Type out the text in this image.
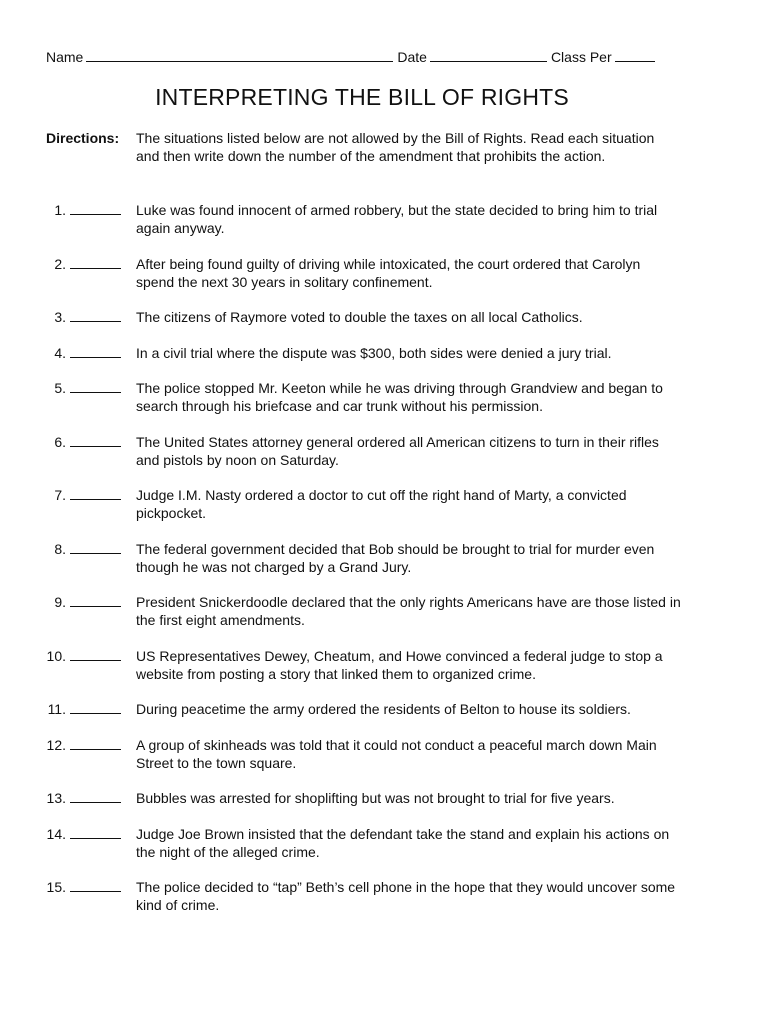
Name	Date	Class Per
INTERPRETING THE BILL OF RIGHTS
Directions: The situations listed below are not allowed by the Bill of Rights. Read each situation and then write down the number of the amendment that prohibits the action.
1.	Luke was found innocent of armed robbery, but the state decided to bring him to trial again anyway.
2.	After being found guilty of driving while intoxicated, the court ordered that Carolyn spend the next 30 years in solitary confinement.
3.	The citizens of Raymore voted to double the taxes on all local Catholics.
4.	In a civil trial where the dispute was $300, both sides were denied a jury trial.
5.	The police stopped Mr. Keeton while he was driving through Grandview and began to search through his briefcase and car trunk without his permission.
6.	The United States attorney general ordered all American citizens to turn in their rifles and pistols by noon on Saturday.
7.	Judge I.M. Nasty ordered a doctor to cut off the right hand of Marty, a convicted pickpocket.
8.	The federal government decided that Bob should be brought to trial for murder even though he was not charged by a Grand Jury.
9.	President Snickerdoodle declared that the only rights Americans have are those listed in the first eight amendments.
10.	US Representatives Dewey, Cheatum, and Howe convinced a federal judge to stop a website from posting a story that linked them to organized crime.
11.	During peacetime the army ordered the residents of Belton to house its soldiers.
12.	A group of skinheads was told that it could not conduct a peaceful march down Main Street to the town square.
13.	Bubbles was arrested for shoplifting but was not brought to trial for five years.
14.	Judge Joe Brown insisted that the defendant take the stand and explain his actions on the night of the alleged crime.
15.	The police decided to “tap” Beth’s cell phone in the hope that they would uncover some kind of crime.
